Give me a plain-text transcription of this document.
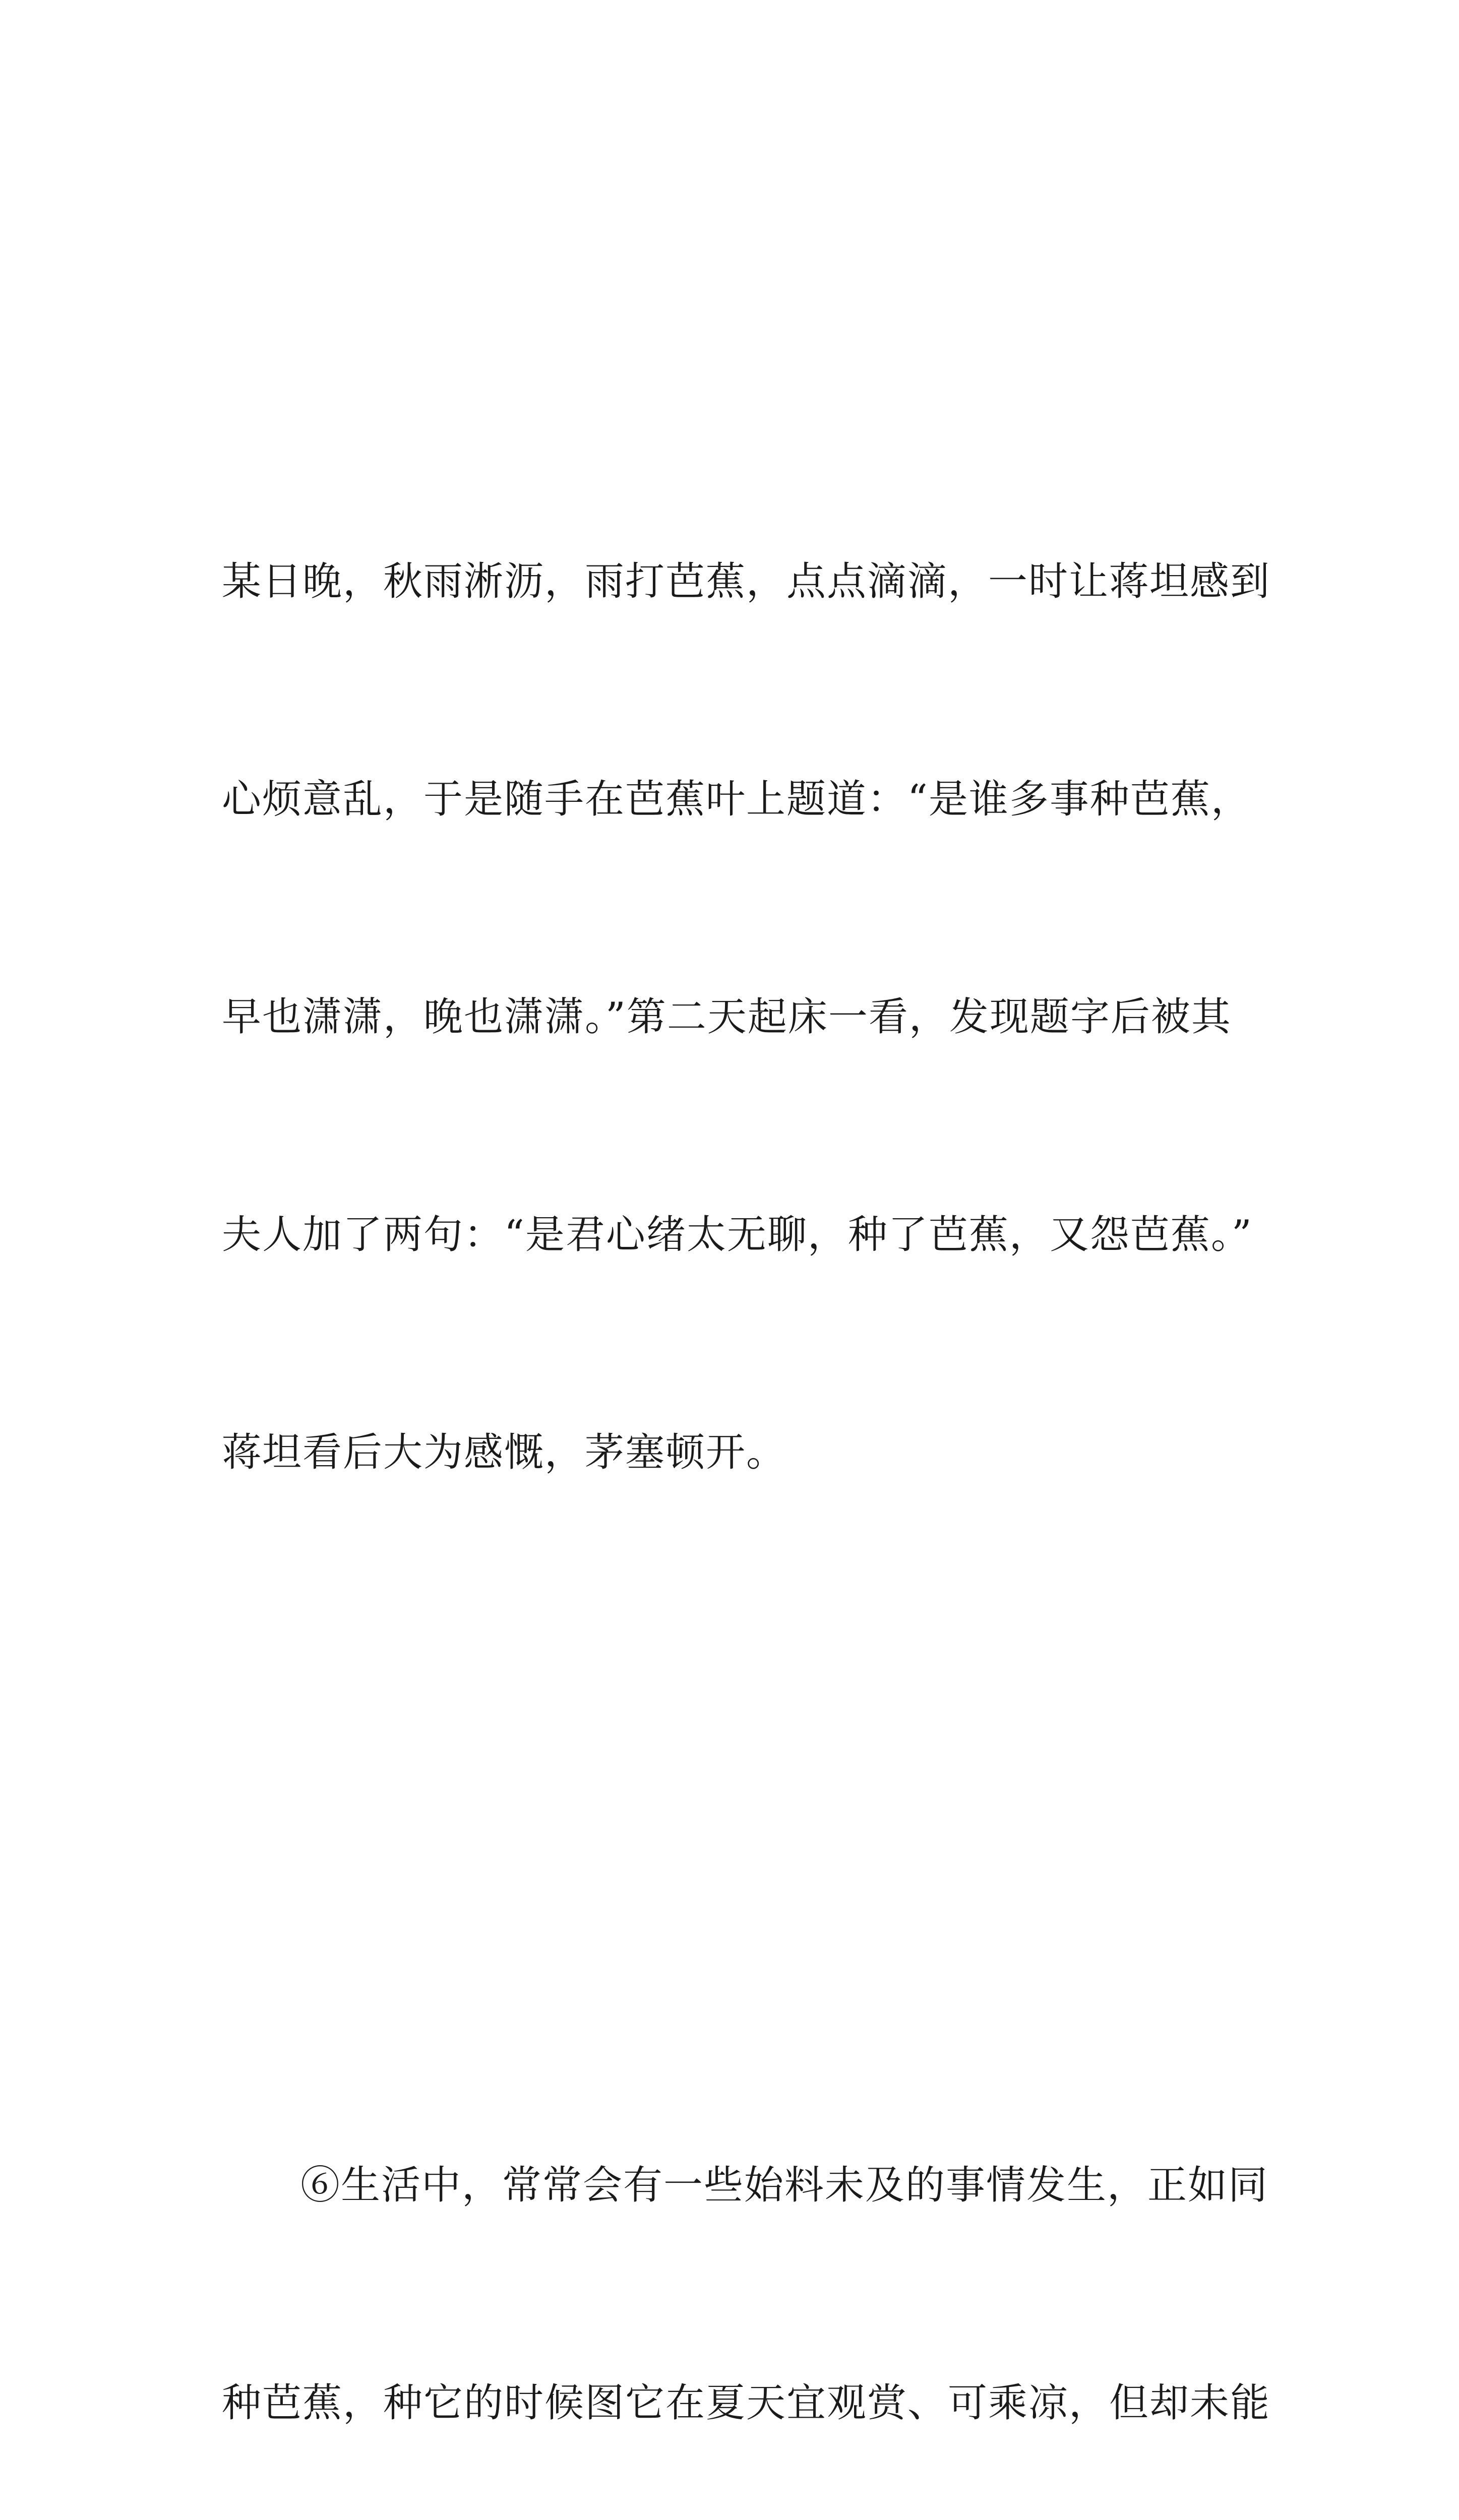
某日晚，秋雨淅沥，雨打芭蕉，点点滴滴，一时让蒋坦感到

心烦意乱，于是随手在芭蕉叶上题道：“是谁多事种芭蕉，

早也潇潇，晚也潇潇。”第二天起床一看，发现题字后被其

夫人加了两句：“是君心绪太无聊，种了芭蕉，又怨芭蕉。”

蒋坦看后大为感慨，茅塞顿开。

⑥生活中，常常会有一些始料未及的事情发生，正如同

种芭蕉，种它的时候图它在夏天宜观赏、可乘凉，但却未能
